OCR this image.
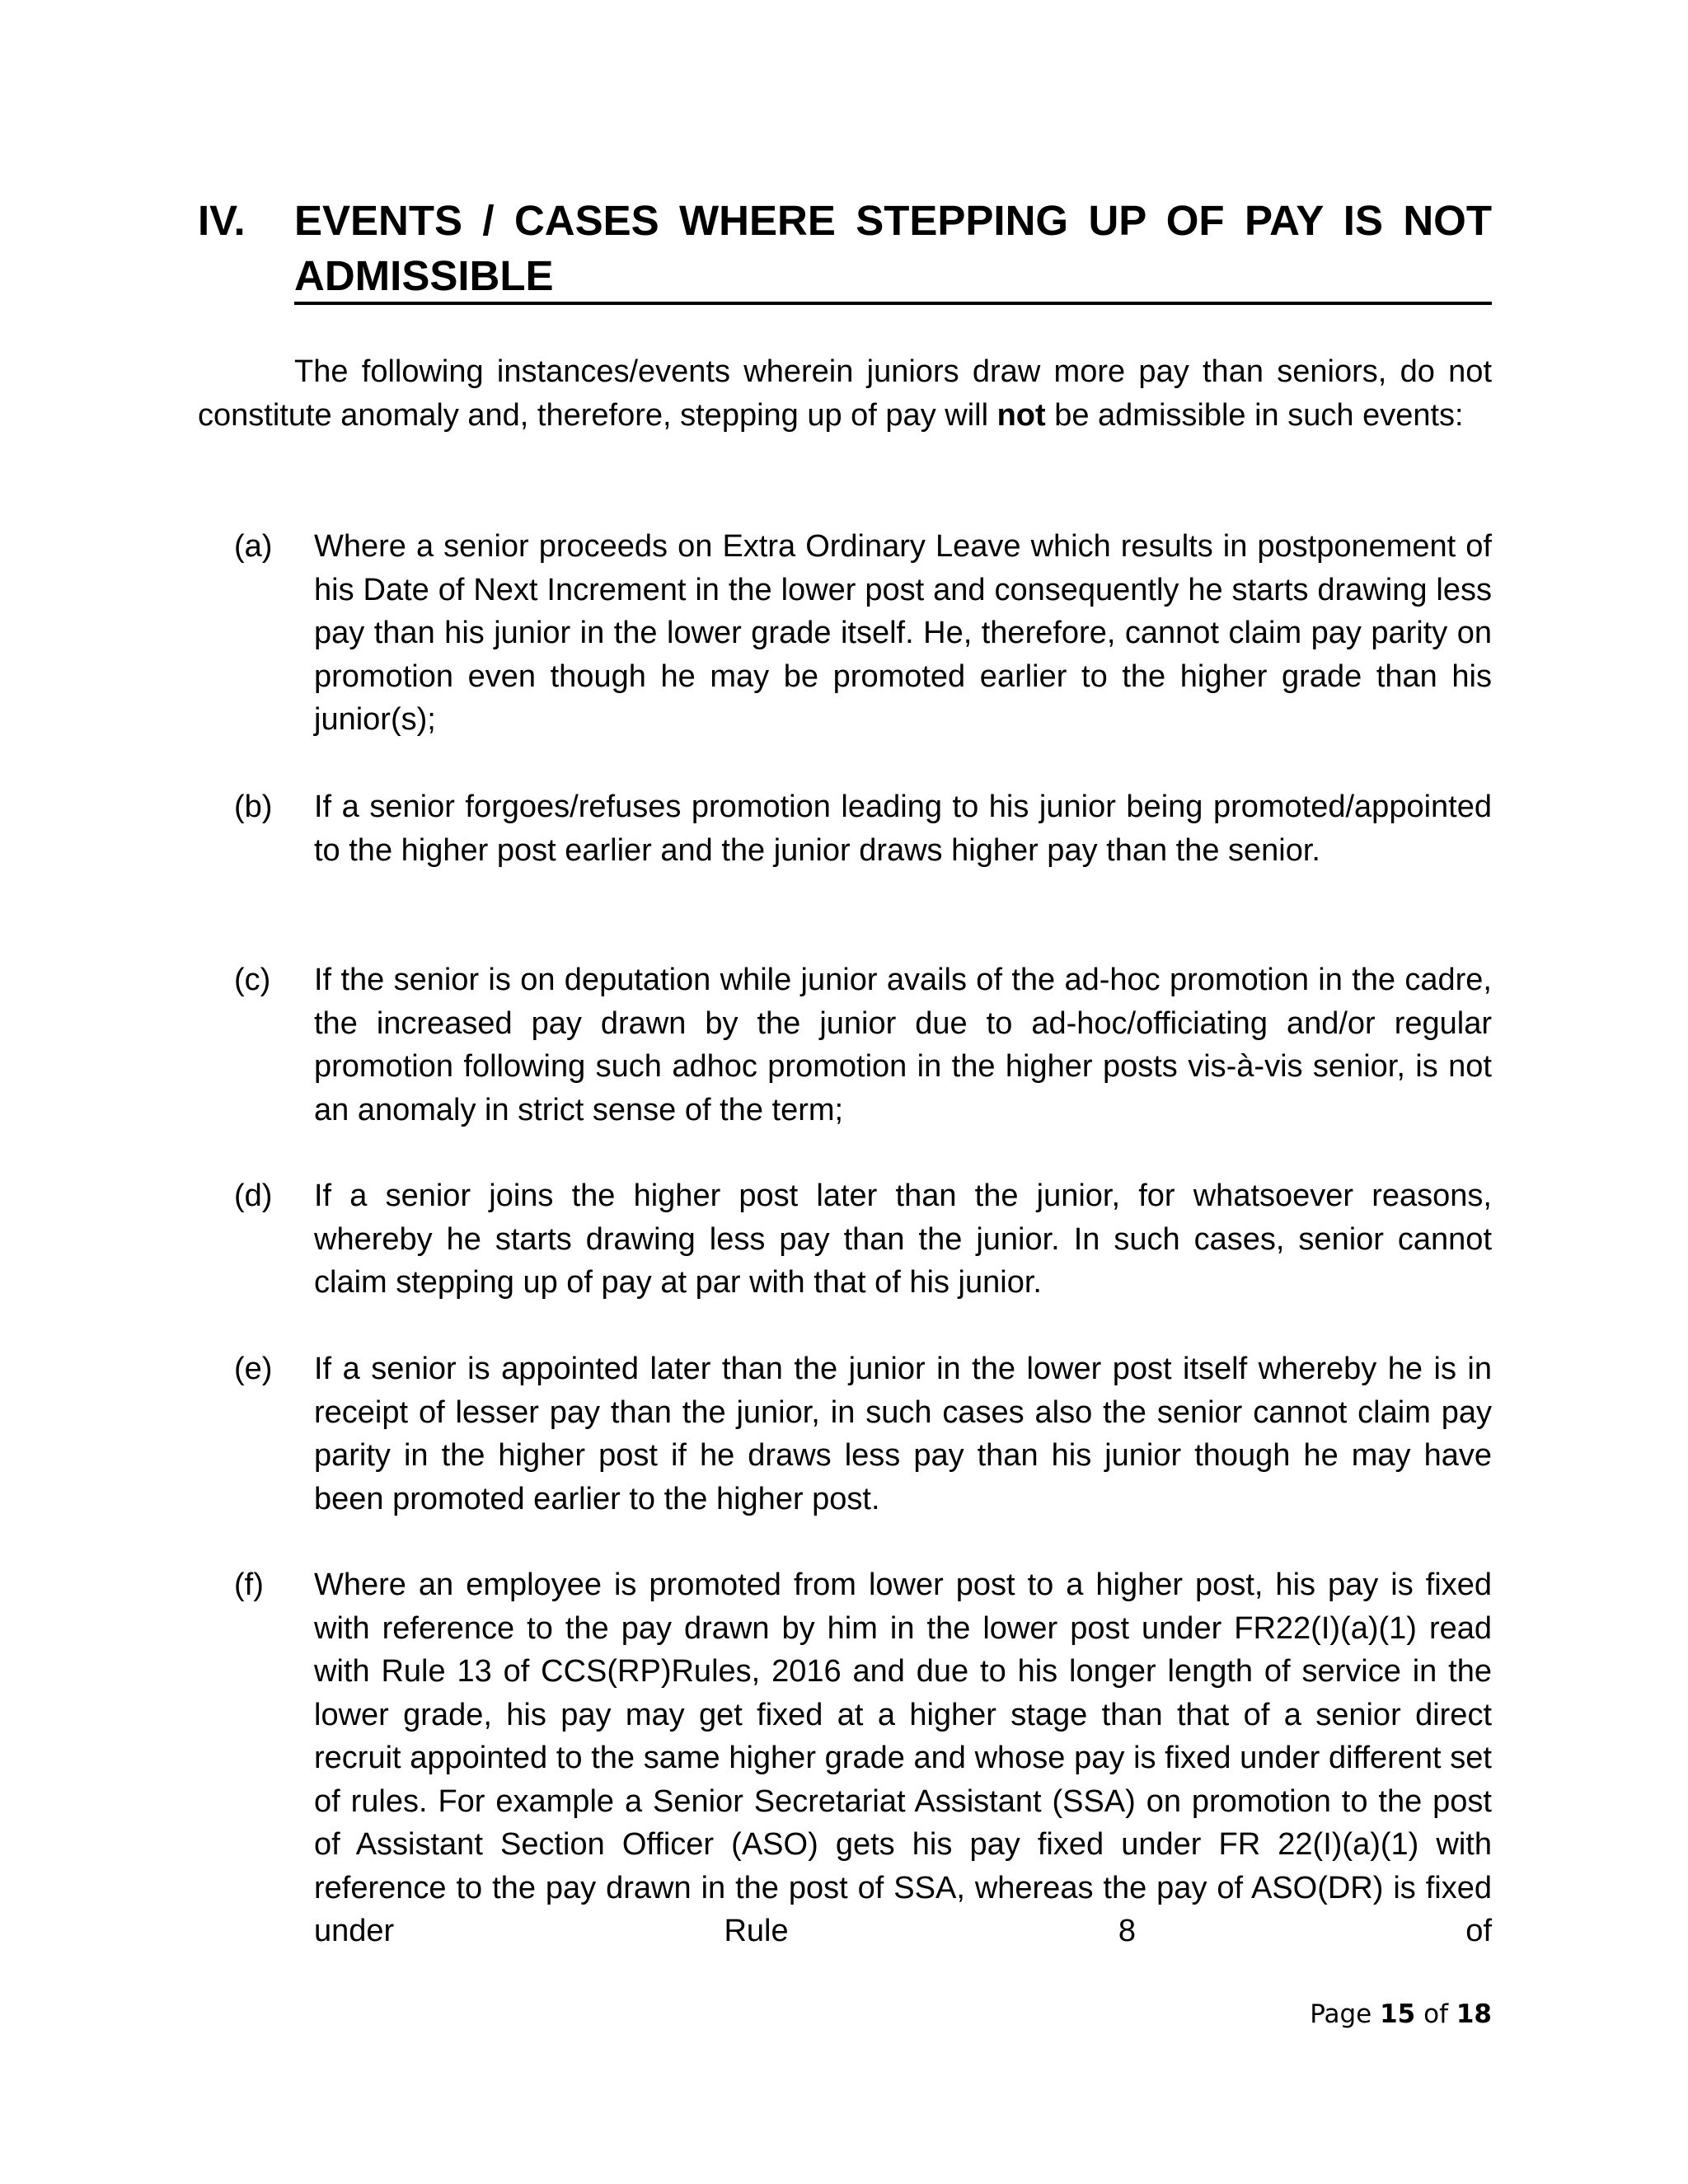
IV. EVENTS / CASES WHERE STEPPING UP OF PAY IS NOT
ADMISSIBLE

The following instances/events wherein juniors draw more pay than seniors, do not constitute anomaly and, therefore, stepping up of pay will not be admissible in such events:

(a) Where a senior proceeds on Extra Ordinary Leave which results in postponement of his Date of Next Increment in the lower post and consequently he starts drawing less pay than his junior in the lower grade itself. He, therefore, cannot claim pay parity on promotion even though he may be promoted earlier to the higher grade than his junior(s);

(b) If a senior forgoes/refuses promotion leading to his junior being promoted/appointed to the higher post earlier and the junior draws higher pay than the senior.

(c) If the senior is on deputation while junior avails of the ad-hoc promotion in the cadre, the increased pay drawn by the junior due to ad-hoc/officiating and/or regular promotion following such adhoc promotion in the higher posts vis-à-vis senior, is not an anomaly in strict sense of the term;

(d) If a senior joins the higher post later than the junior, for whatsoever reasons, whereby he starts drawing less pay than the junior. In such cases, senior cannot claim stepping up of pay at par with that of his junior.

(e) If a senior is appointed later than the junior in the lower post itself whereby he is in receipt of lesser pay than the junior, in such cases also the senior cannot claim pay parity in the higher post if he draws less pay than his junior though he may have been promoted earlier to the higher post.

(f) Where an employee is promoted from lower post to a higher post, his pay is fixed with reference to the pay drawn by him in the lower post under FR22(I)(a)(1) read with Rule 13 of CCS(RP)Rules, 2016 and due to his longer length of service in the lower grade, his pay may get fixed at a higher stage than that of a senior direct recruit appointed to the same higher grade and whose pay is fixed under different set of rules. For example a Senior Secretariat Assistant (SSA) on promotion to the post of Assistant Section Officer (ASO) gets his pay fixed under FR 22(I)(a)(1) with reference to the pay drawn in the post of SSA, whereas the pay of ASO(DR) is fixed under Rule 8 of

Page 15 of 18
